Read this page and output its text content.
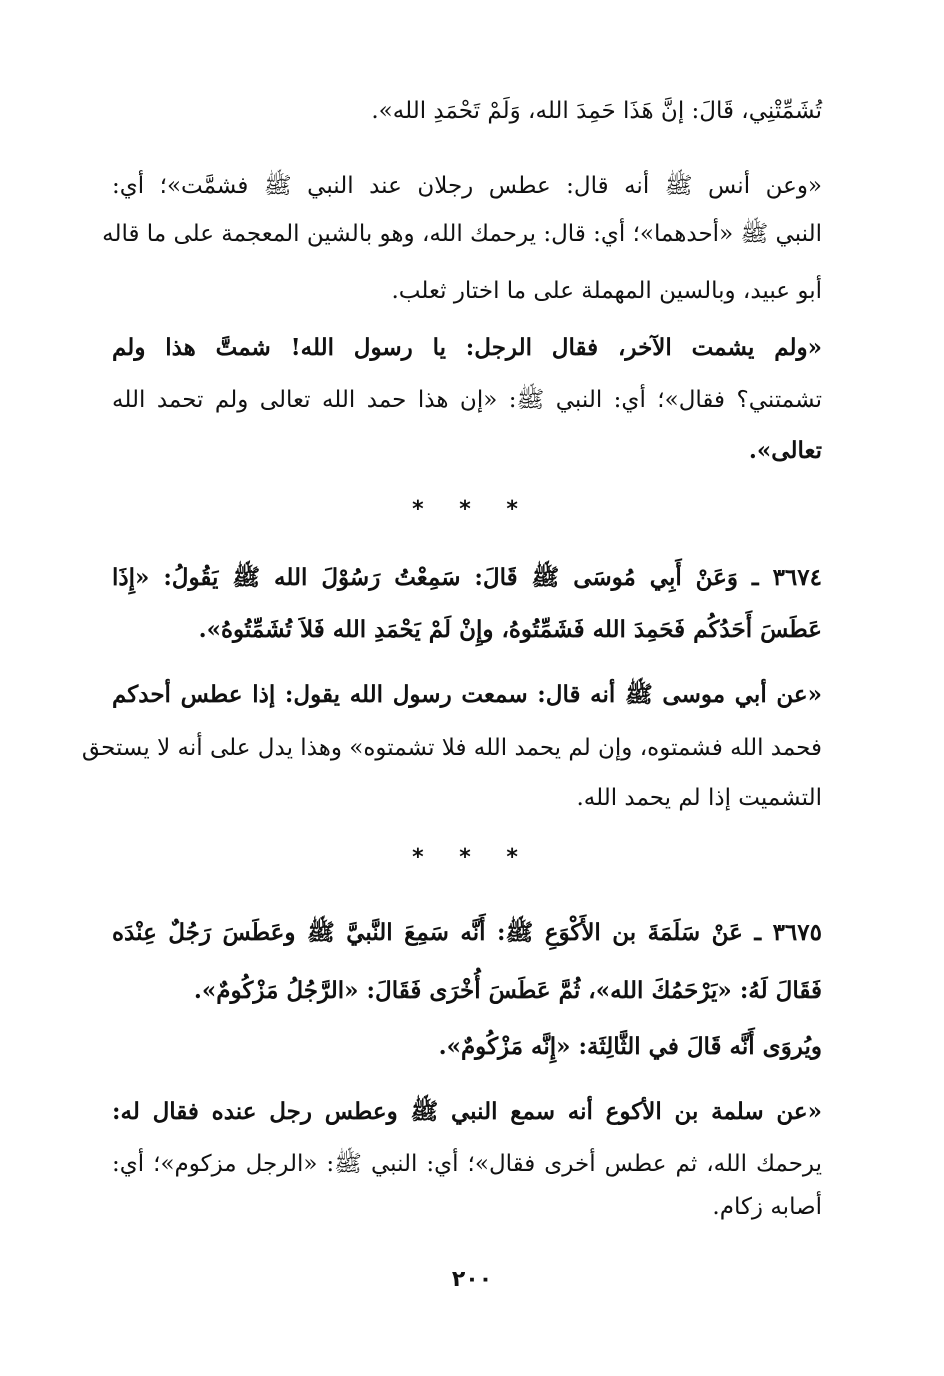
تُشَمِّتْنِي، قَالَ: إنَّ هَذَا حَمِدَ الله، وَلَمْ تَحْمَدِ الله».
«وعن أنس ﷺ أنه قال: عطس رجلان عند النبي ﷺ فشمَّت»؛ أي:
النبي ﷺ «أحدهما»؛ أي: قال: يرحمك الله، وهو بالشين المعجمة على ما قاله
أبو عبيد، وبالسين المهملة على ما اختار ثعلب.
«ولم يشمت الآخر، فقال الرجل: يا رسول الله! شمتَّ هذا ولم
تشمتني؟ فقال»؛ أي: النبي ﷺ: «إن هذا حمد الله تعالى ولم تحمد الله
تعالى».
* * *
٣٦٧٤ ـ وَعَنْ أَبِي مُوسَى ﷺ قَالَ: سَمِعْتُ رَسُوْلَ الله ﷺ يَقُولُ: «إِذَا
عَطَسَ أَحَدُكُم فَحَمِدَ الله فَشَمِّتُوهُ، وإِنْ لَمْ يَحْمَدِ الله فَلاَ تُشَمِّتُوهُ».
«عن أبي موسى ﷺ أنه قال: سمعت رسول الله يقول: إذا عطس أحدكم
فحمد الله فشمتوه، وإن لم يحمد الله فلا تشمتوه» وهذا يدل على أنه لا يستحق
التشميت إذا لم يحمد الله.
* * *
٣٦٧٥ ـ عَنْ سَلَمَةَ بن الأَكْوَعِ ﷺ: أَنَّه سَمِعَ النَّبيَّ ﷺ وعَطَسَ رَجُلٌ عِنْدَه
فَقَالَ لَهُ: «يَرْحَمُكَ الله»، ثُمَّ عَطَسَ أُخْرَى فَقَالَ: «الرَّجُلُ مَزْكُومٌ».
ويُروَى أَنَّه قَالَ في الثَّالِثَة: «إِنَّه مَزْكُومٌ».
«عن سلمة بن الأكوع أنه سمع النبي ﷺ وعطس رجل عنده فقال له:
يرحمك الله، ثم عطس أخرى فقال»؛ أي: النبي ﷺ: «الرجل مزكوم»؛ أي:
أصابه زكام.
٢٠٠
